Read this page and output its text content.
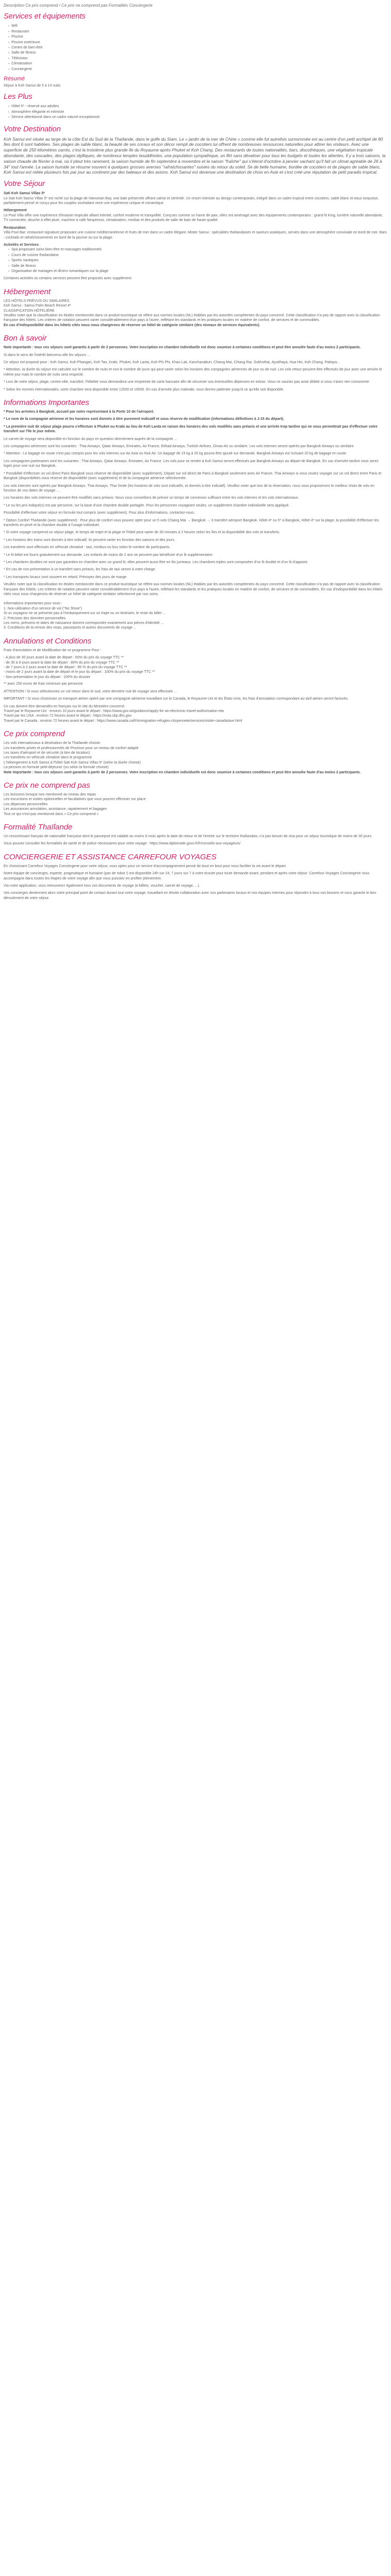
Description Ce prix comprend / Ce prix ne comprend pas Formalités Conciergerie

Services et équipements
▪ Wifi
▪ Restaurant
▪ Piscine
▪ Piscine extérieure
▪ Centre de bien-être
▪ Salle de fitness
▪ Télévision
▪ Climatisation
▪ Conciergerie
Résumé

Séjour à Koh Samui de 5 à 14 nuits

Les Plus
▪ Hôtel 5* - réservé aux adultes
▪ Atmosphère élégante et intimiste
▪ Service attentionné dans un cadre naturel exceptionnel
Votre Destination

Koh Samui est située au large de la côte Est du Sud de la Thaïlande, dans le golfe du Siam. Le « jardin de la mer de Chine » comme elle fut autrefois surnommée est au centre d'un petit archipel de 80 îles dont 6 sont habitées. Ses plages de sable blanc, la beauté de ses coraux et son décor rempli de cocotiers lui offrent de nombreuses ressources naturelles pour attirer les visiteurs. Avec une superficie de 250 kilomètres carrés, c'est la troisième plus grande île du Royaume après Phuket et Koh Chang. Des restaurants de toutes nationalités, bars, discothèques, une végétation tropicale abondante, des cascades, des plages idylliques, de nombreux temples bouddhistes, une population sympathique, un flirt sans dévaliser pour tous les budgets et toutes les attentes. Il y a trois saisons, la saison chaude de février à mai, où il pleut très rarement, la saison humide de fin septembre à novembre et la saison "fraîche" qui s'étend d'octobre à janvier sachant qu'il fait un climat agréable de 26 à 34° tout l'année. La saison humide se résume souvent à quelques grosses averses "rafraîchissantes" suivies du retour du soleil. Se de belle humaine, bordée de cocotiers et de plages de sable blanc, Koh Samui est reliée plusieurs fois par jour au continent par des bateaux et des avions. Koh Samui est devenue une destination de choix en Asie et s'est créé une réputation de petit paradis tropical.

Votre Séjour

Sati Koh Samui Villas 5*

Le Sati Koh Samui Villas 5* est niché sur la plage de Hanuman Bay, une baie préservée offrant calme et sérénité. Un resort intimiste au design contemporain, intégré dans un cadre tropical entre cocotiers, sable blanc et eaux turquoise, parfaitement pensé et conçu pour les couples souhaitant vivre une expérience unique et romantique.

Hébergement

Le Pool Villa offre une expérience d'évasion tropicale alliant intimité, confort moderne et tranquillité. Conçues comme un havre de paix, elles ont aménagé avec des équipements contemporains : grand lit King, lumière naturelle abondante, TV connectée, douche à effet pluie, machine à café Nespresso, climatisation, minibar et des produits de salle de bain de haute qualité.

Restauration

Villa Pool Bar: restaurant signature proposant une cuisine méditerranéenne et fruits de mer dans un cadre élégant. Mister Samui : spécialités thaïlandaises et saveurs asiatiques, servies dans une atmosphère conviviale en bord de mer. Bars : cocktails et rafraîchissements en bord de la piscine ou sur la plage.

Activités et Services

▪ Spa proposant soins bien-être et massages traditionnels
▪ Cours de cuisine thaïlandaise
▪ Sports nautiques
▪ Salle de fitness
▪ Organisation de mariages et dîners romantiques sur la plage

Certaines activités ou certains services peuvent être proposés avec supplément.

Hébergement

LES HÔTELS PRÉVUS OU SIMILAIRES

Koh Samui : Samui Palm Beach Resort 4*

CLASSIFICATION HÔTELIÈRE

Veuillez noter que la classification en étoiles mentionnée dans ce produit touristique se réfère aux normes locales (NL) établies par les autorités compétentes du pays concerné. Cette classification n'a pas de rapport avec la classification française des hôtels. Les critères de notation peuvent varier considérablement d'un pays à l'autre, reflétant les standards et les pratiques locales en matière de confort, de services et de commodités.

En cas d'indisponibilité dans les hôtels cités nous nous chargerons de réserver un hôtel de catégorie similaire (des niveaux de services équivalents).

Bon à savoir

Note importante : tous ces séjours sont garantis à partir de 2 personnes. Votre inscription en chambre individuelle est donc soumise à certaines conditions et peut être annulée faute d'au moins 2 participants.

Si dans le sens de l'intérêt bienvenu elle les séjours ...

Ce séjour est proposé pour : Koh Samui, Koh Phangan, Koh Tao, Krabi, Phuket, Koh Lanta, Koh Phi Phi, Khao Lak, Kanchanaburi, Chiang Mai, Chiang Rai, Sukhothai, Ayutthaya, Hua Hin, Koh Chang, Pattaya...

* Attention, la durée du séjour est calculée sur le nombre de nuits et non le nombre de jours qui peut varier selon les horaires des compagnies aériennes de jour ou de nuit. Les vols retour peuvent être effectués de jour avec une arrivée le même jour mais le nombre de nuits sera respecté.

* Lors de votre séjour, plage, centre-ville, transfert, l'hôtelier vous demandera une empreinte de carte bancaire afin de sécuriser vos éventuelles dépenses en extras. Vous ne sauriez pas avoir débité si vous n'avez rien consommé.

* Selon les normes internationales, votre chambre sera disponible entre 12h00 et 15h00. En cas d'arrivée plus matinale, vous devrez patienter jusqu'à ce qu'elle soit disponible.

Informations Importantes

* Pour les arrivées à Bangkok, accueil par notre représentant à la Porte 10 de l'aéroport.

* Le nom de la compagnie aérienne et les horaires sont donnés à titre purement indicatif et sous réserve de modification (informations définitives à J-15 du départ).

* La première nuit de séjour plage pourra s'effectuer à Phuket ou Krabi au lieu de Koh Lanta en raison des horaires des vols modifiés sans préavis et une arrivée trop tardive qui ne vous permettrait pas d'effectuer votre transfert sur l'île le jour même.

Le carnet de voyage sera disponible en fonction du pays en question directement auprès de la compagnie ...

Les compagnies aériennes sont les suivantes : Thai Airways, Qatar Airways, Emirates, Air France, Etihad Airways, Turkish Airlines, Oman Air ou similaire. Les vols internes seront opérés par Bangkok Airways ou similaire.

* Attention : Le bagage en soute n'est pas compris pour les vols internes sur Air Asia ou Nok Air. Un bagage de 15 kg à 20 kg pourra être ajouté sur demande. Bangkok Airways est incluant 20 kg de bagage en soute.

Les compagnies partenaires sont les suivantes : Thai Airways, Qatar Airways, Emirates, Air France. Les vols pour se rendre à Koh Samui seront effectués par Bangkok Airways au départ de Bangkok. En cas d'arrivée tardive vous serez logés pour une nuit sur Bangkok.

* Possibilité d'effectuer un vol direct Paris Bangkok sous réserve de disponibilité (avec supplément). Départ sur vol direct de Paris à Bangkok seulement avec Air France, Thai Airways si vous voulez voyager sur un vol direct entre Paris et Bangkok (disponibilités sous réserve de disponibilité (avec supplément) et de la compagnie aérienne sélectionnée.

Les vols internes sont opérés par Bangkok Airways, Thai Airways, Thai Smile (les horaires de vols sont indicatifs, et donnés à titre indicatif). Veuillez noter que lors de la réservation, nous vous proposerons le meilleur choix de vols en fonction de vos dates de voyage ...

Les horaires des vols internes ne peuvent être modifiés sans préavis. Nous vous conseillons de prévoir un temps de connexion suffisant entre les vols internes et les vols internationaux.

* Le ou les prix indiqué(s) est par personne, sur la base d'une chambre double partagée. Pour les personnes voyageant seules, un supplément chambre individuelle sera appliqué.

Possibilité d'effectuer votre séjour en formule tout compris (avec supplément). Pour plus d'informations, contactez-nous.

* Option Confort Thaïlande (avec supplément) : Pour plus de confort vous pouvez opter pour un 5 vols Chiang Mai → Bangkok → 3 transfert aéroport Bangkok. Hôtel 4* ou 5* à Bangkok, Hôtel 4* sur la plage, la possibilité d'effectuer les transferts en privé et la chambre double à l'usage individuel.

* Si votre voyage comprend un séjour plage, le temps de trajet et la plage et l'hôtel peut varier de 30 minutes à 2 heures selon les îles et la disponibilité des vols et transferts.

* Les horaires des trains sont donnés à titre indicatif, ils peuvent varier en fonction des saisons et des jours.

Les transferts sont effectués en véhicule climatisé : taxi, minibus ou bus selon le nombre de participants.

* Le lit bébé est fourni gratuitement sur demande. Les enfants de moins de 2 ans ne peuvent pas bénéficier d'un lit supplémentaire.

* Les chambres doubles ne sont pas garanties en chambre avec un grand lit, elles peuvent aussi être en lits jumeaux. Les chambres triples sont composées d'un lit double et d'un lit d'appoint.

* En cas de non-présentation à un transfert sans préavis, les frais de taxi seront à votre charge.

* Les transports locaux sont souvent en retard. Prévoyez des jours de marge.

Veuillez noter que la classification en étoiles mentionnée dans ce produit touristique se réfère aux normes locales (NL) établies par les autorités compétentes du pays concerné. Cette classification n'a pas de rapport avec la classification française des hôtels. Les critères de notation peuvent varier considérablement d'un pays à l'autre, reflétant les standards et les pratiques locales en matière de confort, de services et de commodités. En cas d'indisponibilité dans les hôtels cités nous nous chargerons de réserver un hôtel de catégorie similaire sélectionné par nos soins.

Informations importantes pour vous :

1. Non-utilisation d'un service de vol ("No Show")

Si un voyageur ne se présente pas à l'embarquement sur un trajet ou un itinéraire, le reste du billet ...

2. Précision des données personnelles

Les noms, prénoms et dates de naissance doivent correspondre exactement aux pièces d'identité ...

3. Conditions de la remise des visas, passeports et autres documents de voyage ...

Annulations et Conditions

Frais d'annulation et de Modification de ce programme Pour :

- A plus de 30 jours avant la date de départ : 60% du prix du voyage TTC **

- de 30 à 8 jours avant la date de départ : 80% du prix du voyage TTC **

- de 7 jours à 2 jours avant la date de départ : 95 % du prix du voyage TTC **

- moins de 2 jours avant la date de départ et le jour du départ : 100% du prix du voyage TTC **

- Non présentation le jour du départ : 100% du dossier

** avec 250 euros de frais minimum par personne

ATTENTION ! Si vous sélectionnez un vol retour dans le sud, votre dernière nuit de voyage sera effectuée ...

IMPORTANT ! Si vous choisissez un transport aérien opéré par une compagnie aérienne travaillant sur le Canada, le Royaume-Uni et les États-Unis, les frais d'annulation correspondant au tarif aérien seront facturés.

Ce cas doivent être demandés en français sur le site du Ministère concerné.

Travel par le Royaume-Uni : environ 10 jours avant le départ : https://www.gov.uk/guidance/apply-for-an-electronic-travel-authorisation-eta

Travel par les USA : environ 72 heures avant le départ : https://esta.cbp.dhs.gov

Travel par le Canada : environ 72 heures avant le départ : https://www.canada.ca/fr/immigration-refugies-citoyennete/services/visiter-canada/ave.html

Ce prix comprend

Les vols internationaux à destination de la Thaïlande choisie

Les transferts privés et professionnels de Province pour un niveau de confort adapté

Les taxes d'aéroport et de sécurité (à titre de location)

Les transferts en véhicule climatisé dans le programme

L'hébergement à Koh Samui à l'hôtel Sati Koh Samui Villas 5* (selon la durée choisie)

La pension en formule petit-déjeuner (ou selon la formule choisie)

Note importante : tous ces séjours sont garantis à partir de 2 personnes. Votre inscription en chambre individuelle est donc soumise à certaines conditions et peut être annulée faute d'au moins 2 participants.

Ce prix ne comprend pas

Les boissons lorsque non mentionné au niveau des repas

Les excursions et visites optionnelles et facultatives que vous pourrez effectuer sur place

Les dépenses personnelles

Les assurances annulation, assistance, rapatriement et bagages

Tout ce qui n'est pas mentionné dans « Ce prix comprend »

Formalité Thaïlande

Un ressortissant français de nationalité française dont le passeport est valable au moins 6 mois après la date de retour et de l'entrée sur le territoire thaïlandais, n'a pas besoin de visa pour un séjour touristique de moins de 30 jours.

Vous pouvez consulter les formalités de santé et de police nécessaires pour votre voyage : https://www.diplomatie.gouv.fr/fr/conseils-aux-voyageurs/

CONCIERGERIE ET ASSISTANCE CARREFOUR VOYAGES

En choisissant Carrefour Voyages Conciergerie pour votre séjour, vous optez pour un service d'accompagnement pensé de bout en bout pour vous faciliter la vie avant le départ.

Notre équipe de concierges, experte, pragmatique et humaine (pas de robot !) est disponible 24h sur 24, 7 jours sur 7 à votre écoute pour toute demande avant, pendant et après votre séjour. Carrefour Voyages Conciergerie vous accompagne dans toutes les étapes de votre voyage afin que vous puissiez en profiter pleinement.

Via notre application, vous retrouverez également tous vos documents de voyage (e-billets, voucher, carnet de voyage, ...).

Vos concierges deviennent alors votre principal point de contact durant tout votre voyage, travaillant en étroite collaboration avec nos partenaires locaux et nos équipes internes pour répondre à tous vos besoins et vous garantir le bon déroulement de votre séjour.
